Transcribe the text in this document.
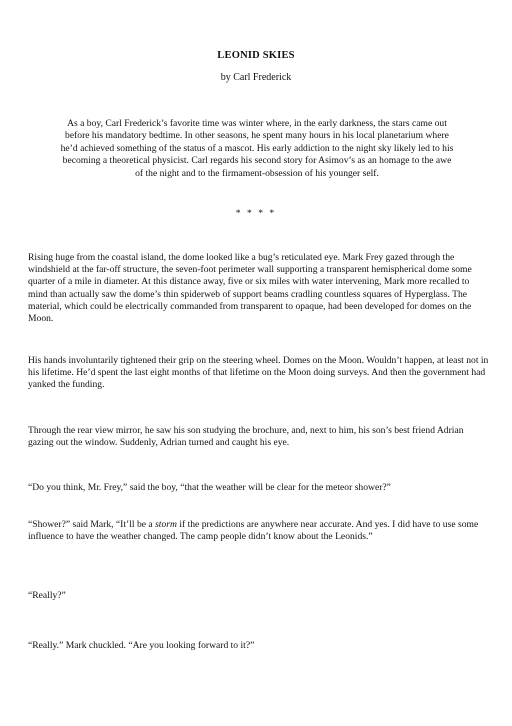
LEONID SKIES
by Carl Frederick
As a boy, Carl Frederick’s favorite time was winter where, in the early darkness, the stars came out before his mandatory bedtime. In other seasons, he spent many hours in his local planetarium where he’d achieved something of the status of a mascot. His early addiction to the night sky likely led to his becoming a theoretical physicist. Carl regards his second story for Asimov’s as an homage to the awe of the night and to the firmament-obsession of his younger self.
* * * *

Rising huge from the coastal island, the dome looked like a bug’s reticulated eye. Mark Frey gazed through the windshield at the far-off structure, the seven-foot perimeter wall supporting a transparent hemispherical dome some quarter of a mile in diameter. At this distance away, five or six miles with water intervening, Mark more recalled to mind than actually saw the dome’s thin spiderweb of support beams cradling countless squares of Hyperglass. The material, which could be electrically commanded from transparent to opaque, had been developed for domes on the Moon.

His hands involuntarily tightened their grip on the steering wheel. Domes on the Moon. Wouldn’t happen, at least not in his lifetime. He’d spent the last eight months of that lifetime on the Moon doing surveys. And then the government had yanked the funding.

Through the rear view mirror, he saw his son studying the brochure, and, next to him, his son’s best friend Adrian gazing out the window. Suddenly, Adrian turned and caught his eye.

“Do you think, Mr. Frey,” said the boy, “that the weather will be clear for the meteor shower?”

“Shower?” said Mark, “It’ll be a storm if the predictions are anywhere near accurate. And yes. I did have to use some influence to have the weather changed. The camp people didn’t know about the Leonids.”

“Really?”

“Really.” Mark chuckled. “Are you looking forward to it?”
